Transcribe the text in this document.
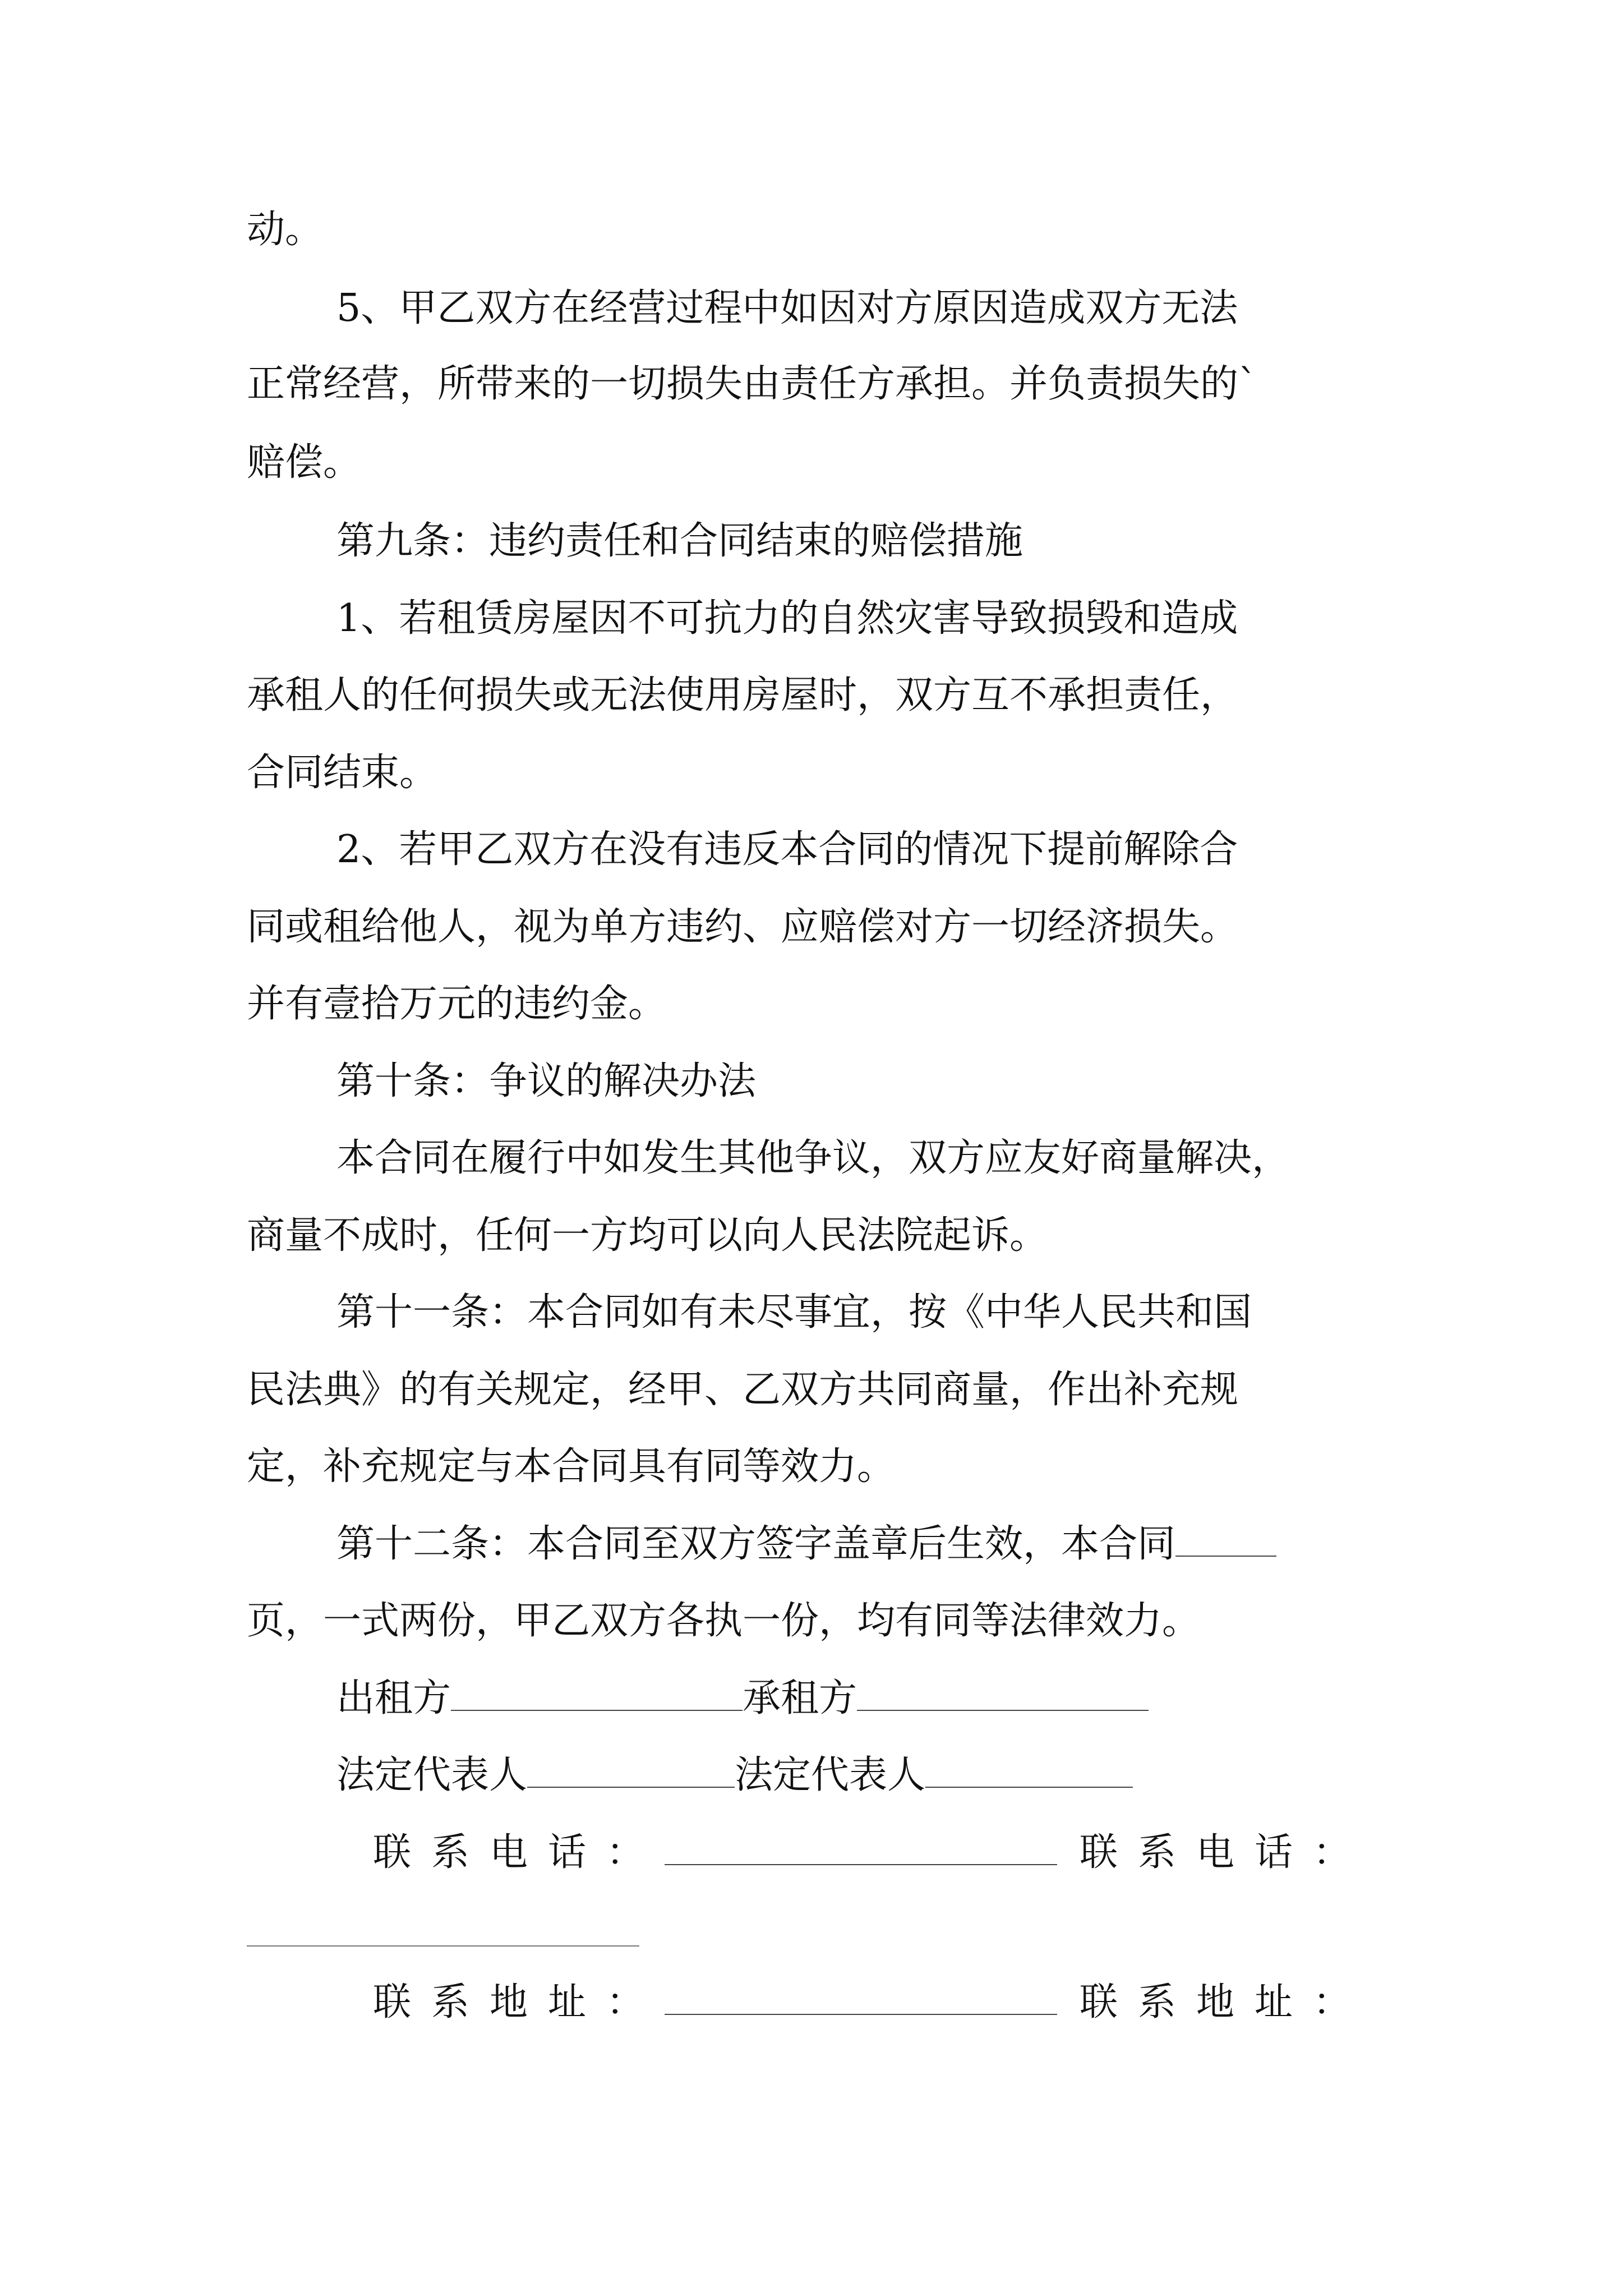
动。
5、甲乙双方在经营过程中如因对方原因造成双方无法
正常经营，所带来的一切损失由责任方承担。并负责损失的`
赔偿。
第九条：违约责任和合同结束的赔偿措施
1、若租赁房屋因不可抗力的自然灾害导致损毁和造成
承租人的任何损失或无法使用房屋时，双方互不承担责任，
合同结束。
2、若甲乙双方在没有违反本合同的情况下提前解除合
同或租给他人，视为单方违约、应赔偿对方一切经济损失。
并有壹拾万元的违约金。
第十条：争议的解决办法
本合同在履行中如发生其他争议，双方应友好商量解决，
商量不成时，任何一方均可以向人民法院起诉。
第十一条：本合同如有未尽事宜，按《中华人民共和国
民法典》的有关规定，经甲、乙双方共同商量，作出补充规
定，补充规定与本合同具有同等效力。
第十二条：本合同至双方签字盖章后生效，本合同
页，一式两份，甲乙双方各执一份，均有同等法律效力。
出租方	承租方
法定代表人	法定代表人
联系电话：	联系电话：
联系地址：	联系地址：
